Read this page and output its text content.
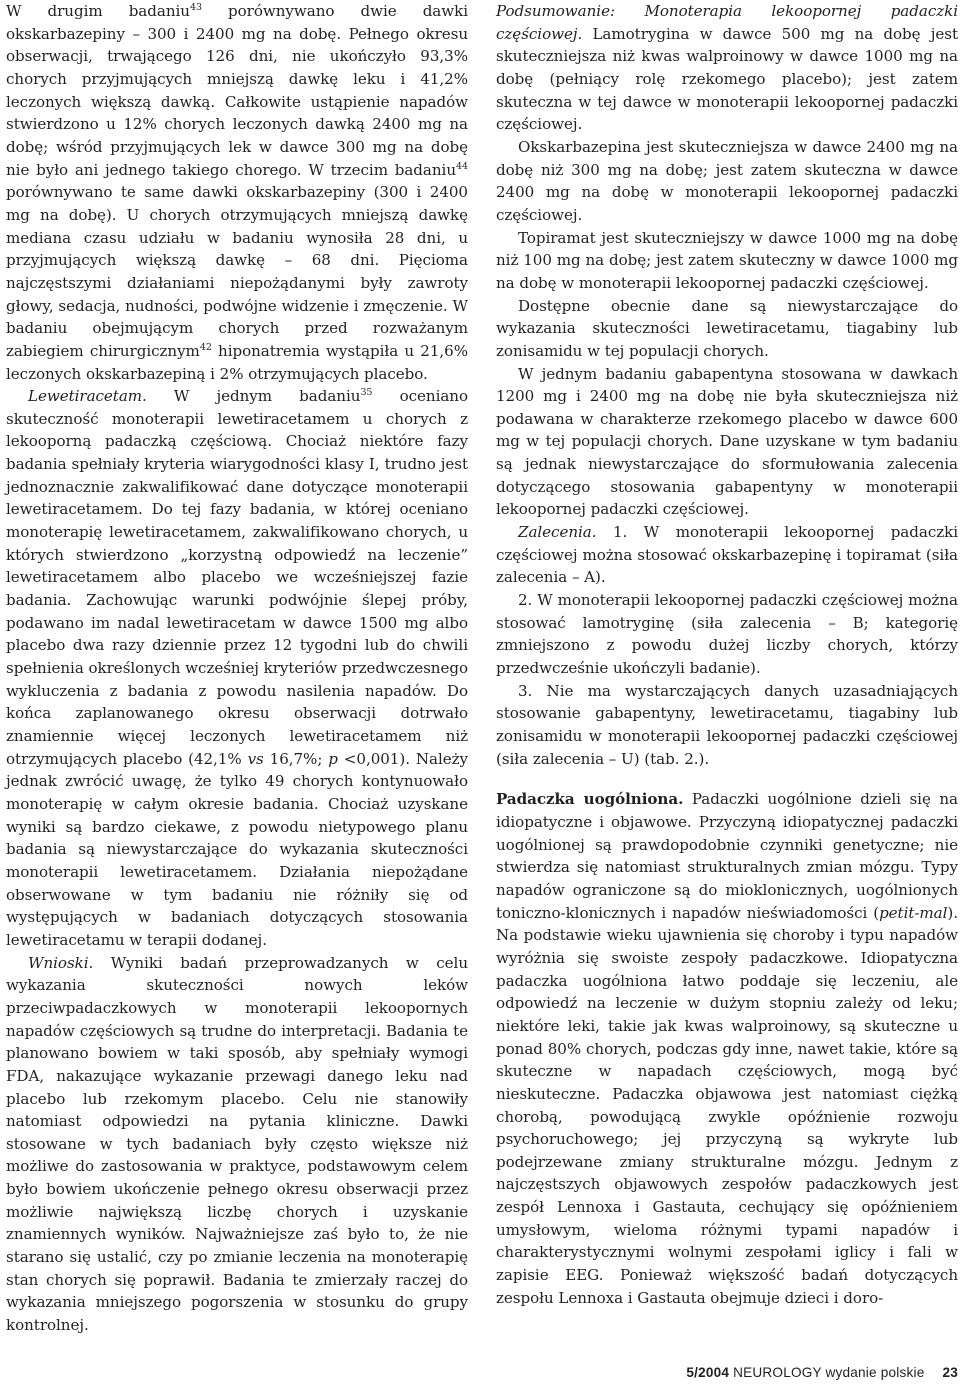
W drugim badaniu$^{43}$ porównywano dwie dawki okskarbazepiny – 300 i 2400 mg na dobę. Pełnego okresu obserwacji, trwającego 126 dni, nie ukończyło 93,3% chorych przyjmujących mniejszą dawkę leku i 41,2% leczonych większą dawką. Całkowite ustąpienie napadów stwierdzono u 12% chorych leczonych dawką 2400 mg na dobę; wśród przyjmujących lek w dawce 300 mg na dobę nie było ani jednego takiego chorego. W trzecim badaniu$^{44}$ porównywano te same dawki okskarbazepiny (300 i 2400 mg na dobę). U chorych otrzymujących mniejszą dawkę mediana czasu udziału w badaniu wynosiła 28 dni, u przyjmujących większą dawkę – 68 dni. Pięcioma najczęstszymi działaniami niepożądanymi były zawroty głowy, sedacja, nudności, podwójne widzenie i zmęczenie. W badaniu obejmującym chorych przed rozważanym zabiegiem chirurgicznym$^{42}$ hiponatremia wystąpiła u 21,6% leczonych okskarbazepiną i 2% otrzymujących placebo.

Lewetiracetam. W jednym badaniu$^{35}$ oceniano skuteczność monoterapii lewetiracetamem u chorych z lekooporną padaczką częściową. Chociaż niektóre fazy badania spełniały kryteria wiarygodności klasy I, trudno jest jednoznacznie zakwalifikować dane dotyczące monoterapii lewetiracetamem. Do tej fazy badania, w której oceniano monoterapię lewetiracetamem, zakwalifikowano chorych, u których stwierdzono „korzystną odpowiedź na leczenie” lewetiracetamem albo placebo we wcześniejszej fazie badania. Zachowując warunki podwójnie ślepej próby, podawano im nadal lewetiracetam w dawce 1500 mg albo placebo dwa razy dziennie przez 12 tygodni lub do chwili spełnienia określonych wcześniej kryteriów przedwczesnego wykluczenia z badania z powodu nasilenia napadów. Do końca zaplanowanego okresu obserwacji dotrwało znamiennie więcej leczonych lewetiracetamem niż otrzymujących placebo (42,1% vs 16,7%; p <0,001). Należy jednak zwrócić uwagę, że tylko 49 chorych kontynuowało monoterapię w całym okresie badania. Chociaż uzyskane wyniki są bardzo ciekawe, z powodu nietypowego planu badania są niewystarczające do wykazania skuteczności monoterapii lewetiracetamem. Działania niepożądane obserwowane w tym badaniu nie różniły się od występujących w badaniach dotyczących stosowania lewetiracetamu w terapii dodanej.

Wnioski. Wyniki badań przeprowadzanych w celu wykazania skuteczności nowych leków przeciwpadaczkowych w monoterapii lekoopornych napadów częściowych są trudne do interpretacji. Badania te planowano bowiem w taki sposób, aby spełniały wymogi FDA, nakazujące wykazanie przewagi danego leku nad placebo lub rzekomym placebo. Celu nie stanowiły natomiast odpowiedzi na pytania kliniczne. Dawki stosowane w tych badaniach były często większe niż możliwe do zastosowania w praktyce, podstawowym celem było bowiem ukończenie pełnego okresu obserwacji przez możliwie największą liczbę chorych i uzyskanie znamiennych wyników. Najważniejsze zaś było to, że nie starano się ustalić, czy po zmianie leczenia na monoterapię stan chorych się poprawił. Badania te zmierzały raczej do wykazania mniejszego pogorszenia w stosunku do grupy kontrolnej.

Podsumowanie: Monoterapia lekoopornej padaczki częściowej. Lamotrygina w dawce 500 mg na dobę jest skuteczniejsza niż kwas walproinowy w dawce 1000 mg na dobę (pełniący rolę rzekomego placebo); jest zatem skuteczna w tej dawce w monoterapii lekoopornej padaczki częściowej.

Okskarbazepina jest skuteczniejsza w dawce 2400 mg na dobę niż 300 mg na dobę; jest zatem skuteczna w dawce 2400 mg na dobę w monoterapii lekoopornej padaczki częściowej.

Topiramat jest skuteczniejszy w dawce 1000 mg na dobę niż 100 mg na dobę; jest zatem skuteczny w dawce 1000 mg na dobę w monoterapii lekoopornej padaczki częściowej.

Dostępne obecnie dane są niewystarczające do wykazania skuteczności lewetiracetamu, tiagabiny lub zonisamidu w tej populacji chorych.

W jednym badaniu gabapentyna stosowana w dawkach 1200 mg i 2400 mg na dobę nie była skuteczniejsza niż podawana w charakterze rzekomego placebo w dawce 600 mg w tej populacji chorych. Dane uzyskane w tym badaniu są jednak niewystarczające do sformułowania zalecenia dotyczącego stosowania gabapentyny w monoterapii lekoopornej padaczki częściowej.

Zalecenia. 1. W monoterapii lekoopornej padaczki częściowej można stosować okskarbazepinę i topiramat (siła zalecenia – A).

2. W monoterapii lekoopornej padaczki częściowej można stosować lamotryginę (siła zalecenia – B; kategorię zmniejszono z powodu dużej liczby chorych, którzy przedwcześnie ukończyli badanie).

3. Nie ma wystarczających danych uzasadniających stosowanie gabapentyny, lewetiracetamu, tiagabiny lub zonisamidu w monoterapii lekoopornej padaczki częściowej (siła zalecenia – U) (tab. 2.).

Padaczka uogólniona. Padaczki uogólnione dzieli się na idiopatyczne i objawowe. Przyczyną idiopatycznej padaczki uogólnionej są prawdopodobnie czynniki genetyczne; nie stwierdza się natomiast strukturalnych zmian mózgu. Typy napadów ograniczone są do mioklonicznych, uogólnionych toniczno-klonicznych i napadów nieświadomości (petit-mal). Na podstawie wieku ujawnienia się choroby i typu napadów wyróżnia się swoiste zespoły padaczkowe. Idiopatyczna padaczka uogólniona łatwo poddaje się leczeniu, ale odpowiedź na leczenie w dużym stopniu zależy od leku; niektóre leki, takie jak kwas walproinowy, są skuteczne u ponad 80% chorych, podczas gdy inne, nawet takie, które są skuteczne w napadach częściowych, mogą być nieskuteczne. Padaczka objawowa jest natomiast ciężką chorobą, powodującą zwykle opóźnienie rozwoju psychoruchowego; jej przyczyną są wykryte lub podejrzewane zmiany strukturalne mózgu. Jednym z najczęstszych objawowych zespołów padaczkowych jest zespół Lennoxa i Gastauta, cechujący się opóźnieniem umysłowym, wieloma różnymi typami napadów i charakterystycznymi wolnymi zespołami iglicy i fali w zapisie EEG. Ponieważ większość badań dotyczących zespołu Lennoxa i Gastauta obejmuje dzieci i doro-

5/2004 NEUROLOGY wydanie polskie 23
